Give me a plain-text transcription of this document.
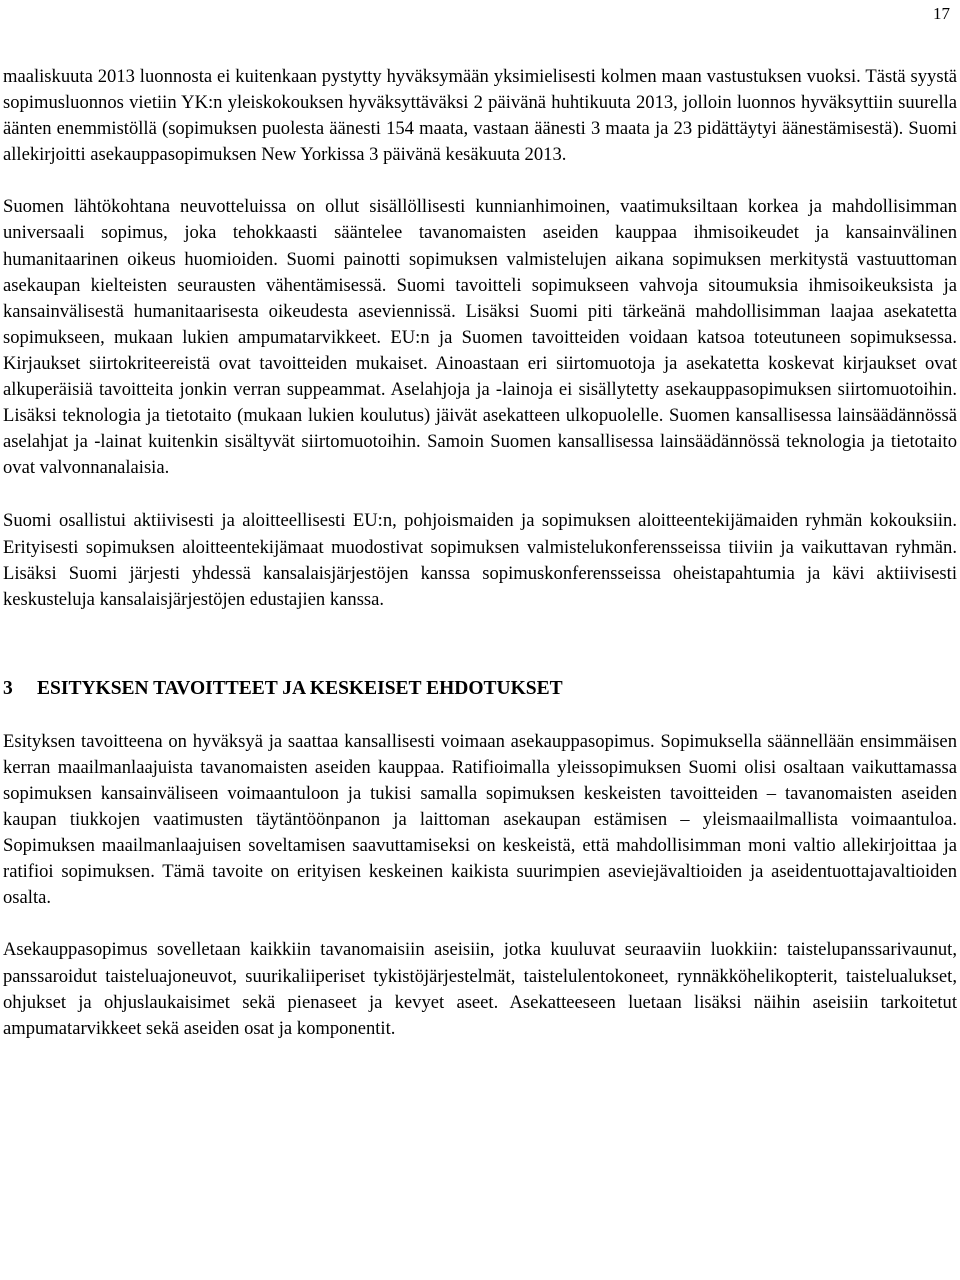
17

maaliskuuta 2013 luonnosta ei kuitenkaan pystytty hyväksymään yksimielisesti kolmen maan vastustuksen vuoksi. Tästä syystä sopimusluonnos vietiin YK:n yleiskokouksen hyväksyttäväksi 2 päivänä huhtikuuta 2013, jolloin luonnos hyväksyttiin suurella äänten enemmistöllä (sopimuksen puolesta äänesti 154 maata, vastaan äänesti 3 maata ja 23 pidättäytyi äänestämisestä). Suomi allekirjoitti asekauppasopimuksen New Yorkissa 3 päivänä kesäkuuta 2013.

Suomen lähtökohtana neuvotteluissa on ollut sisällöllisesti kunnianhimoinen, vaatimuksiltaan korkea ja mahdollisimman universaali sopimus, joka tehokkaasti sääntelee tavanomaisten aseiden kauppaa ihmisoikeudet ja kansainvälinen humanitaarinen oikeus huomioiden. Suomi painotti sopimuksen valmistelujen aikana sopimuksen merkitystä vastuuttoman asekaupan kielteisten seurausten vähentämisessä. Suomi tavoitteli sopimukseen vahvoja sitoumuksia ihmisoikeuksista ja kansainvälisestä humanitaarisesta oikeudesta aseviennissä. Lisäksi Suomi piti tärkeänä mahdollisimman laajaa asekatetta sopimukseen, mukaan lukien ampumatarvikkeet. EU:n ja Suomen tavoitteiden voidaan katsoa toteutuneen sopimuksessa. Kirjaukset siirtokriteereistä ovat tavoitteiden mukaiset. Ainoastaan eri siirtomuotoja ja asekatetta koskevat kirjaukset ovat alkuperäisiä tavoitteita jonkin verran suppeammat. Aselahjoja ja -lainoja ei sisällytetty asekauppasopimuksen siirtomuotoihin. Lisäksi teknologia ja tietotaito (mukaan lukien koulutus) jäivät asekatteen ulkopuolelle. Suomen kansallisessa lainsäädännössä aselahjat ja -lainat kuitenkin sisältyvät siirtomuotoihin. Samoin Suomen kansallisessa lainsäädännössä teknologia ja tietotaito ovat valvonnanalaisia.

Suomi osallistui aktiivisesti ja aloitteellisesti EU:n, pohjoismaiden ja sopimuksen aloitteentekijämaiden ryhmän kokouksiin. Erityisesti sopimuksen aloitteentekijämaat muodostivat sopimuksen valmistelukonferensseissa tiiviin ja vaikuttavan ryhmän. Lisäksi Suomi järjesti yhdessä kansalaisjärjestöjen kanssa sopimuskonferensseissa oheistapahtumia ja kävi aktiivisesti keskusteluja kansalaisjärjestöjen edustajien kanssa.

3 ESITYKSEN TAVOITTEET JA KESKEISET EHDOTUKSET

Esityksen tavoitteena on hyväksyä ja saattaa kansallisesti voimaan asekauppasopimus. Sopimuksella säännellään ensimmäisen kerran maailmanlaajuista tavanomaisten aseiden kauppaa. Ratifioimalla yleissopimuksen Suomi olisi osaltaan vaikuttamassa sopimuksen kansainväliseen voimaantuloon ja tukisi samalla sopimuksen keskeisten tavoitteiden – tavanomaisten aseiden kaupan tiukkojen vaatimusten täytäntöönpanon ja laittoman asekaupan estämisen – yleismaailmallista voimaantuloa. Sopimuksen maailmanlaajuisen soveltamisen saavuttamiseksi on keskeistä, että mahdollisimman moni valtio allekirjoittaa ja ratifioi sopimuksen. Tämä tavoite on erityisen keskeinen kaikista suurimpien aseviejävaltioiden ja aseidentuottajavaltioiden osalta.

Asekauppasopimus sovelletaan kaikkiin tavanomaisiin aseisiin, jotka kuuluvat seuraaviin luokkiin: taistelupanssarivaunut, panssaroidut taisteluajoneuvot, suurikaliiperiset tykistöjärjestelmät, taistelulentokoneet, rynnäkköhelikopterit, taistelualukset, ohjukset ja ohjuslaukaisimet sekä pienaseet ja kevyet aseet. Asekatteeseen luetaan lisäksi näihin aseisiin tarkoitetut ampumatarvikkeet sekä aseiden osat ja komponentit.
